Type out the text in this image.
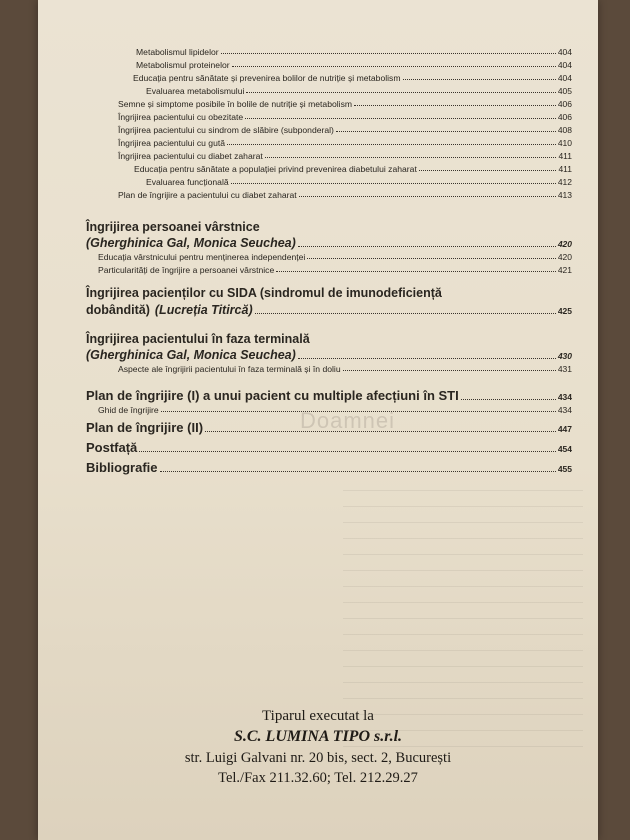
Metabolismul lipidelor	404
Metabolismul proteinelor	404
Educația pentru sănătate și prevenirea bolilor de nutriție și metabolism	404
Evaluarea metabolismului	405
Semne și simptome posibile în bolile de nutriție și metabolism	406
Îngrijirea pacientului cu obezitate	406
Îngrijirea pacientului cu sindrom de slăbire (subponderal)	408
Îngrijirea pacientului cu gută	410
Îngrijirea pacientului cu diabet zaharat	411
Educația pentru sănătate a populației privind prevenirea diabetului zaharat	411
Evaluarea funcțională	412
Plan de îngrijire a pacientului cu diabet zaharat	413
Îngrijirea persoanei vârstnice
(Gherghinica Gal, Monica Seuchea)	420
Educația vârstnicului pentru menținerea independenței	420
Particularități de îngrijire a persoanei vârstnice	421
Îngrijirea pacienților cu SIDA (sindromul de imunodeficiență
dobândită) (Lucreția Titircă)	425
Îngrijirea pacientului în faza terminală
(Gherghinica Gal, Monica Seuchea)	430
Aspecte ale îngrijirii pacientului în faza terminală și în doliu	431
Plan de îngrijire (I) a unui pacient cu multiple afecțiuni în STI	434
Ghid de îngrijire	434
Plan de îngrijire (II)	447
Postfață	454
Bibliografie	455
Doamnei
Tiparul executat la
S.C. LUMINA TIPO s.r.l.
str. Luigi Galvani nr. 20 bis, sect. 2, București
Tel./Fax 211.32.60; Tel. 212.29.27
